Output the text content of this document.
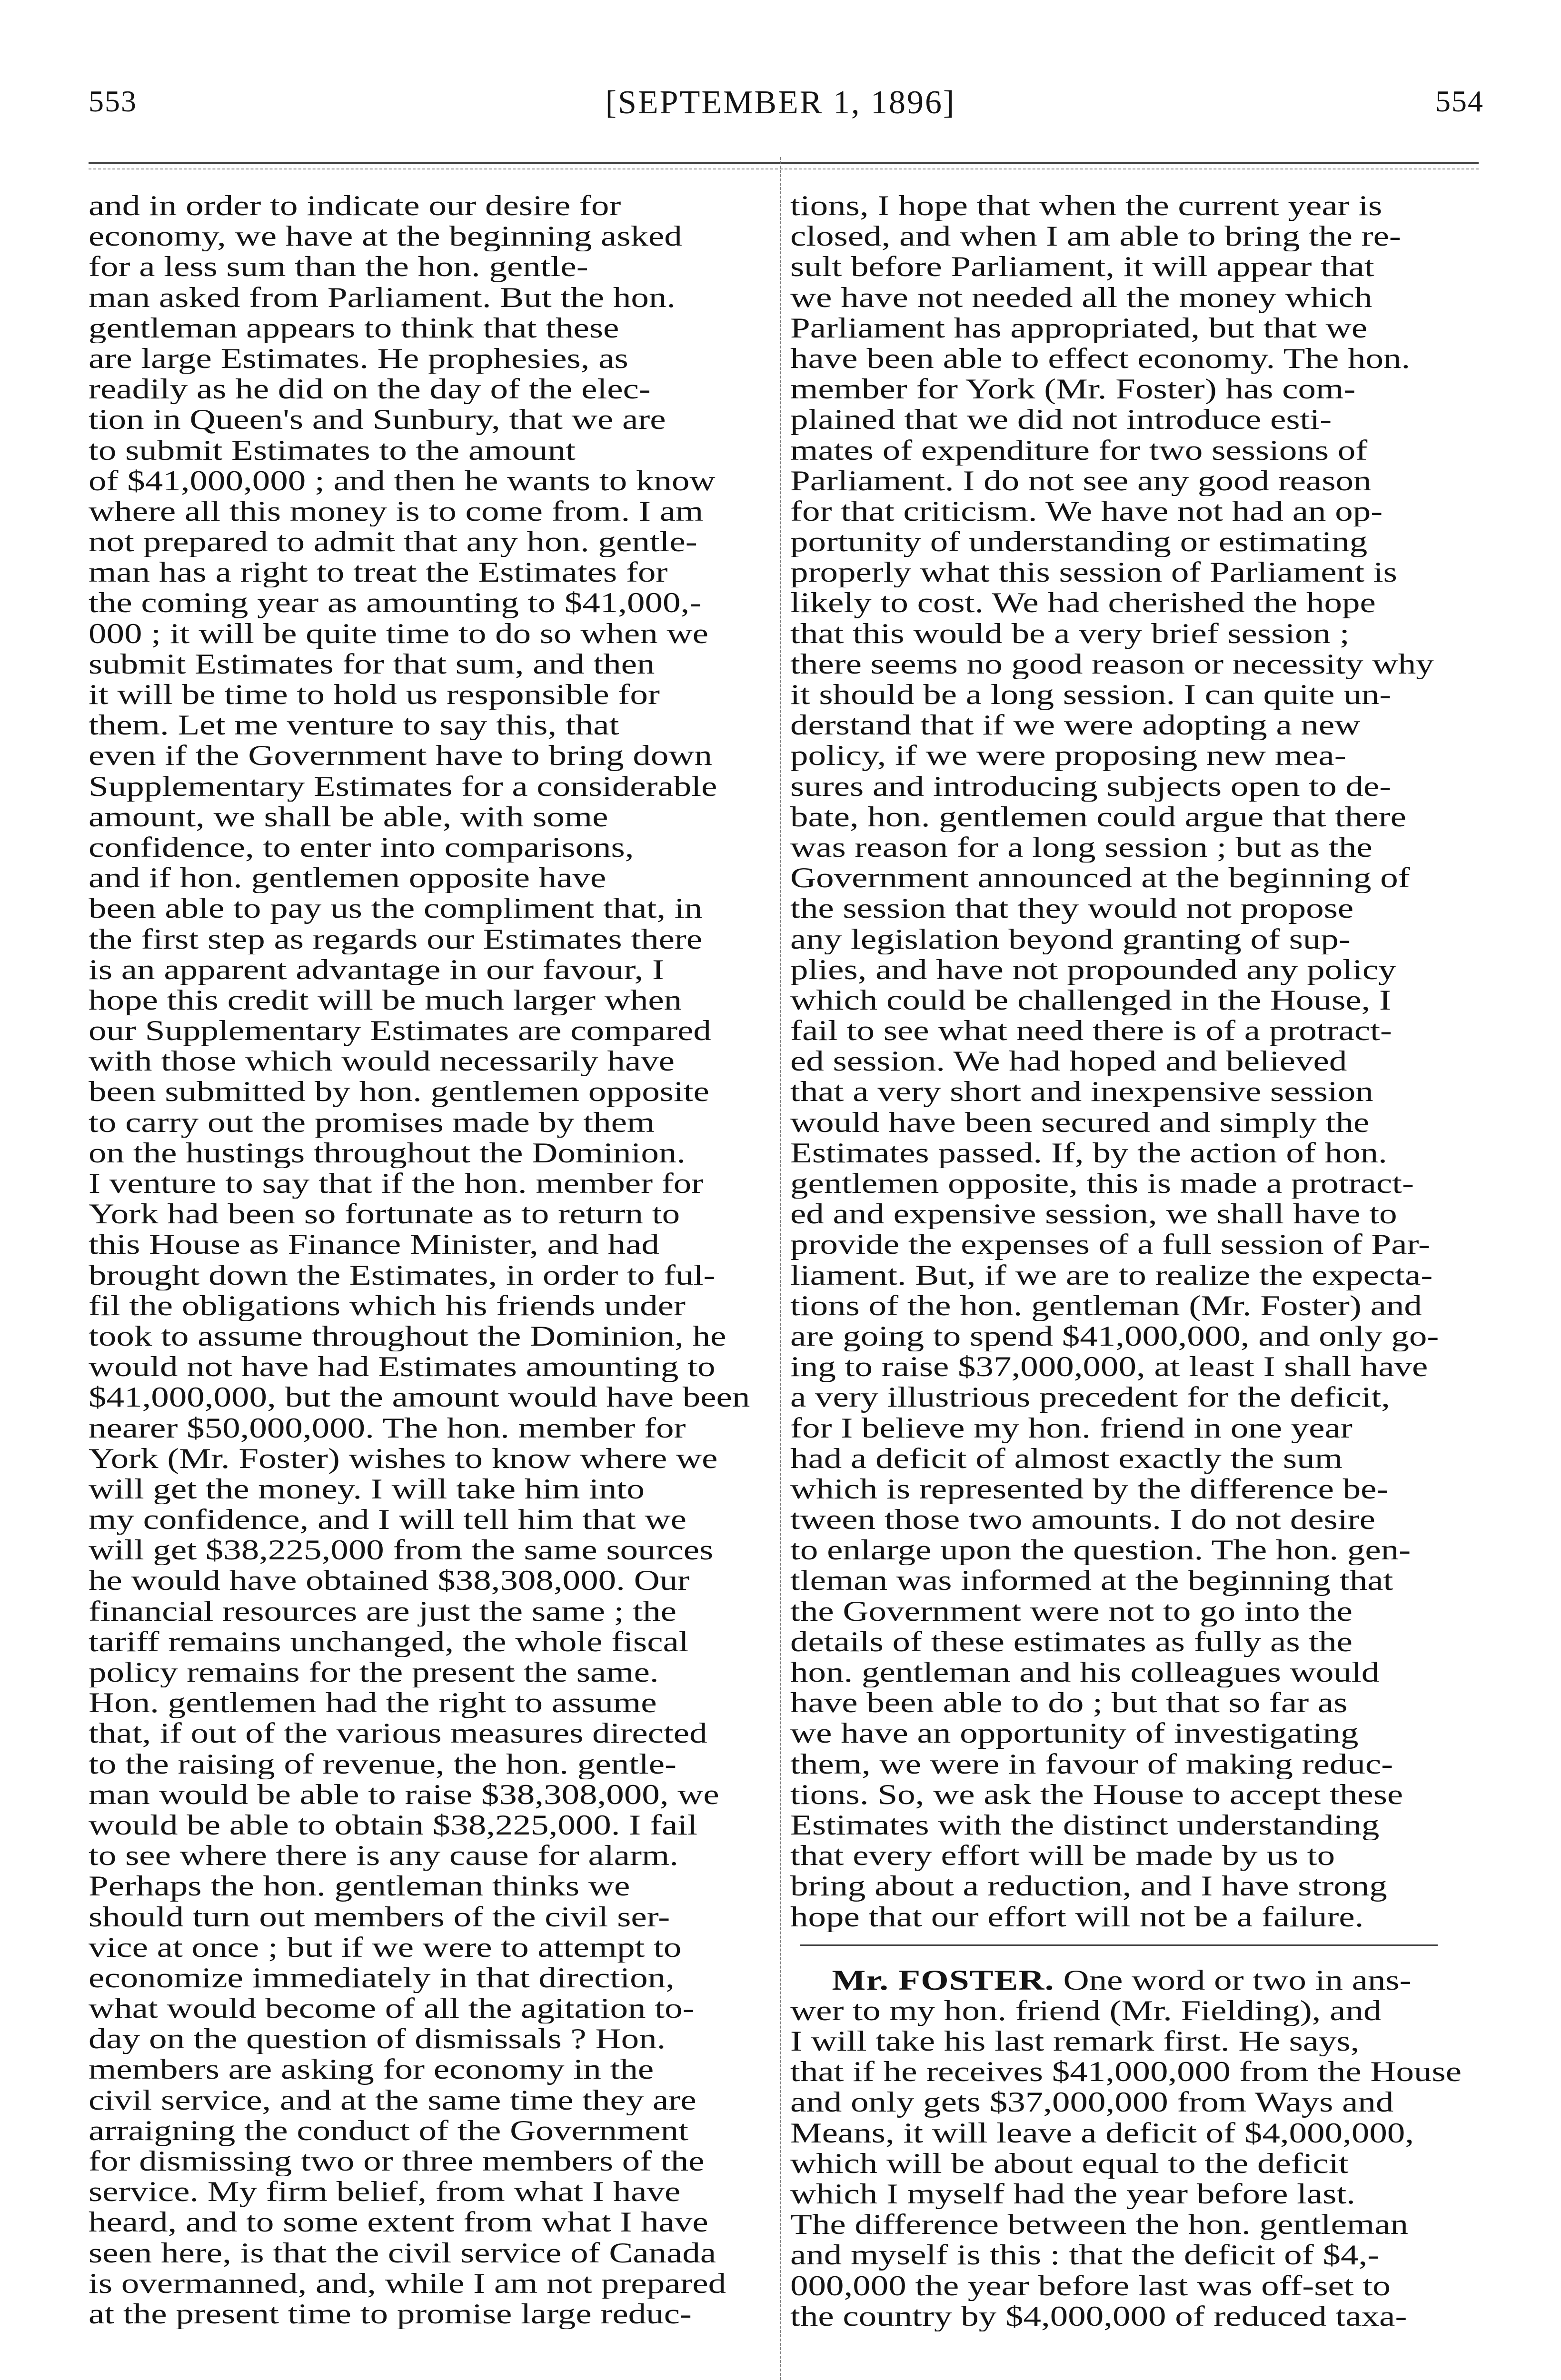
553	[SEPTEMBER 1, 1896]	554
and in order to indicate our desire for
economy, we have at the beginning asked
for a less sum than the hon. gentle-
man asked from Parliament. But the hon.
gentleman appears to think that these
are large Estimates. He prophesies, as
readily as he did on the day of the elec-
tion in Queen's and Sunbury, that we are
to submit Estimates to the amount
of $41,000,000 ; and then he wants to know
where all this money is to come from. I am
not prepared to admit that any hon. gentle-
man has a right to treat the Estimates for
the coming year as amounting to $41,000,-
000 ; it will be quite time to do so when we
submit Estimates for that sum, and then
it will be time to hold us responsible for
them. Let me venture to say this, that
even if the Government have to bring down
Supplementary Estimates for a considerable
amount, we shall be able, with some
confidence, to enter into comparisons,
and if hon. gentlemen opposite have
been able to pay us the compliment that, in
the first step as regards our Estimates there
is an apparent advantage in our favour, I
hope this credit will be much larger when
our Supplementary Estimates are compared
with those which would necessarily have
been submitted by hon. gentlemen opposite
to carry out the promises made by them
on the hustings throughout the Dominion.
I venture to say that if the hon. member for
York had been so fortunate as to return to
this House as Finance Minister, and had
brought down the Estimates, in order to ful-
fil the obligations which his friends under
took to assume throughout the Dominion, he
would not have had Estimates amounting to
$41,000,000, but the amount would have been
nearer $50,000,000. The hon. member for
York (Mr. Foster) wishes to know where we
will get the money. I will take him into
my confidence, and I will tell him that we
will get $38,225,000 from the same sources
he would have obtained $38,308,000. Our
financial resources are just the same ; the
tariff remains unchanged, the whole fiscal
policy remains for the present the same.
Hon. gentlemen had the right to assume
that, if out of the various measures directed
to the raising of revenue, the hon. gentle-
man would be able to raise $38,308,000, we
would be able to obtain $38,225,000. I fail
to see where there is any cause for alarm.
Perhaps the hon. gentleman thinks we
should turn out members of the civil ser-
vice at once ; but if we were to attempt to
economize immediately in that direction,
what would become of all the agitation to-
day on the question of dismissals ? Hon.
members are asking for economy in the
civil service, and at the same time they are
arraigning the conduct of the Government
for dismissing two or three members of the
service. My firm belief, from what I have
heard, and to some extent from what I have
seen here, is that the civil service of Canada
is overmanned, and, while I am not prepared
at the present time to promise large reduc-
tions, I hope that when the current year is
closed, and when I am able to bring the re-
sult before Parliament, it will appear that
we have not needed all the money which
Parliament has appropriated, but that we
have been able to effect economy. The hon.
member for York (Mr. Foster) has com-
plained that we did not introduce esti-
mates of expenditure for two sessions of
Parliament. I do not see any good reason
for that criticism. We have not had an op-
portunity of understanding or estimating
properly what this session of Parliament is
likely to cost. We had cherished the hope
that this would be a very brief session ;
there seems no good reason or necessity why
it should be a long session. I can quite un-
derstand that if we were adopting a new
policy, if we were proposing new mea-
sures and introducing subjects open to de-
bate, hon. gentlemen could argue that there
was reason for a long session ; but as the
Government announced at the beginning of
the session that they would not propose
any legislation beyond granting of sup-
plies, and have not propounded any policy
which could be challenged in the House, I
fail to see what need there is of a protract-
ed session. We had hoped and believed
that a very short and inexpensive session
would have been secured and simply the
Estimates passed. If, by the action of hon.
gentlemen opposite, this is made a protract-
ed and expensive session, we shall have to
provide the expenses of a full session of Par-
liament. But, if we are to realize the expecta-
tions of the hon. gentleman (Mr. Foster) and
are going to spend $41,000,000, and only go-
ing to raise $37,000,000, at least I shall have
a very illustrious precedent for the deficit,
for I believe my hon. friend in one year
had a deficit of almost exactly the sum
which is represented by the difference be-
tween those two amounts. I do not desire
to enlarge upon the question. The hon. gen-
tleman was informed at the beginning that
the Government were not to go into the
details of these estimates as fully as the
hon. gentleman and his colleagues would
have been able to do ; but that so far as
we have an opportunity of investigating
them, we were in favour of making reduc-
tions. So, we ask the House to accept these
Estimates with the distinct understanding
that every effort will be made by us to
bring about a reduction, and I have strong
hope that our effort will not be a failure.
Mr. FOSTER. One word or two in ans-
wer to my hon. friend (Mr. Fielding), and
I will take his last remark first. He says,
that if he receives $41,000,000 from the House
and only gets $37,000,000 from Ways and
Means, it will leave a deficit of $4,000,000,
which will be about equal to the deficit
which I myself had the year before last.
The difference between the hon. gentleman
and myself is this : that the deficit of $4,-
000,000 the year before last was off-set to
the country by $4,000,000 of reduced taxa-
